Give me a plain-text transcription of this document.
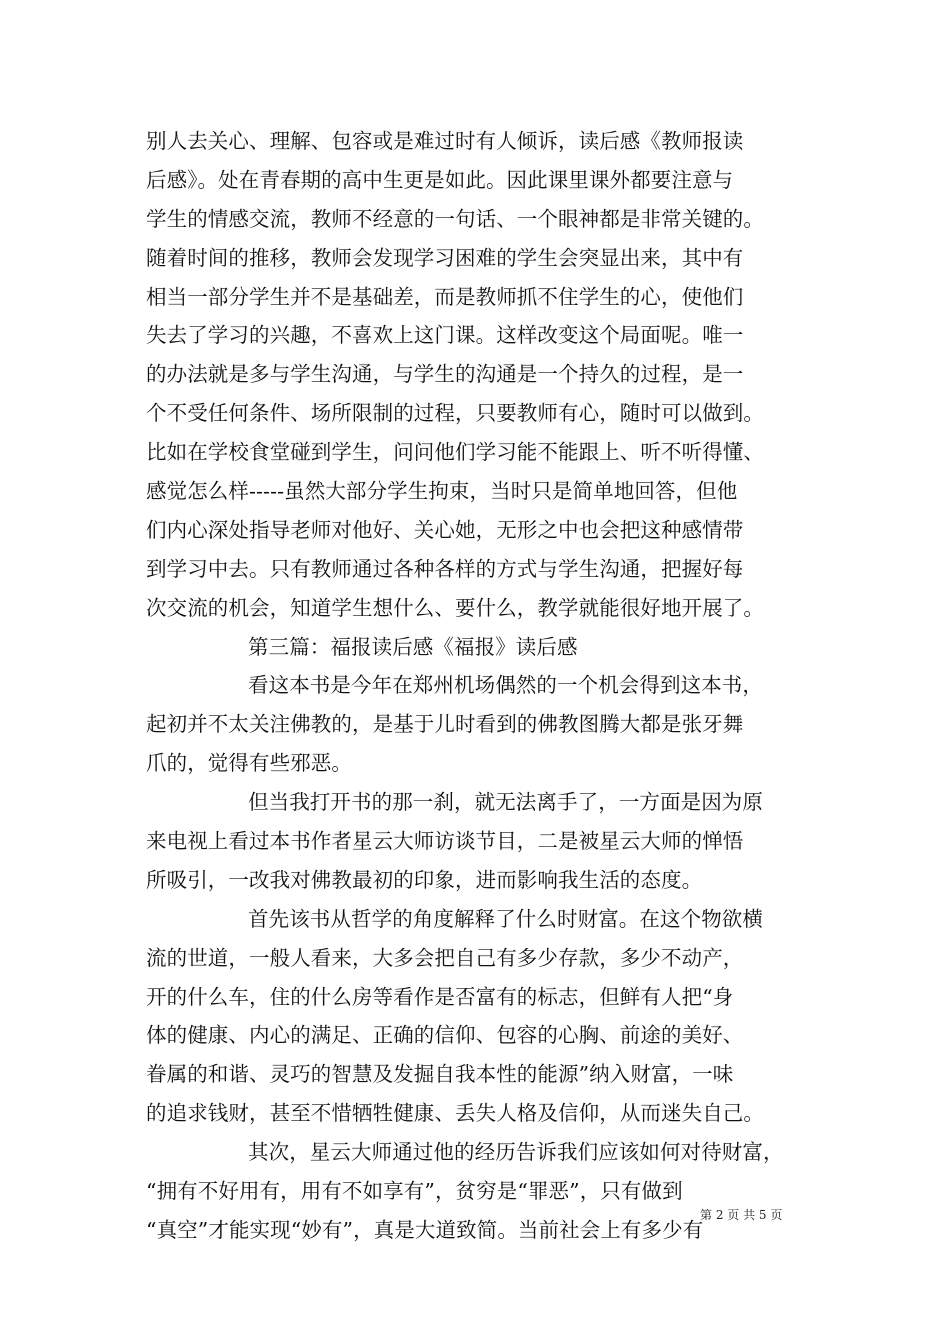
别人去关心、理解、包容或是难过时有人倾诉，读后感《教师报读
后感》。处在青春期的高中生更是如此。因此课里课外都要注意与
学生的情感交流，教师不经意的一句话、一个眼神都是非常关键的。
随着时间的推移，教师会发现学习困难的学生会突显出来，其中有
相当一部分学生并不是基础差，而是教师抓不住学生的心，使他们
失去了学习的兴趣，不喜欢上这门课。这样改变这个局面呢。唯一
的办法就是多与学生沟通，与学生的沟通是一个持久的过程，是一
个不受任何条件、场所限制的过程，只要教师有心，随时可以做到。
比如在学校食堂碰到学生，问问他们学习能不能跟上、听不听得懂、
感觉怎么样-----虽然大部分学生拘束，当时只是简单地回答，但他
们内心深处指导老师对他好、关心她，无形之中也会把这种感情带
到学习中去。只有教师通过各种各样的方式与学生沟通，把握好每
次交流的机会，知道学生想什么、要什么，教学就能很好地开展了。
第三篇：福报读后感《福报》读后感
看这本书是今年在郑州机场偶然的一个机会得到这本书，
起初并不太关注佛教的，是基于儿时看到的佛教图腾大都是张牙舞
爪的，觉得有些邪恶。
但当我打开书的那一刹，就无法离手了，一方面是因为原
来电视上看过本书作者星云大师访谈节目，二是被星云大师的惮悟
所吸引，一改我对佛教最初的印象，进而影响我生活的态度。
首先该书从哲学的角度解释了什么时财富。在这个物欲横
流的世道，一般人看来，大多会把自己有多少存款，多少不动产，
开的什么车，住的什么房等看作是否富有的标志，但鲜有人把“身
体的健康、内心的满足、正确的信仰、包容的心胸、前途的美好、
眷属的和谐、灵巧的智慧及发掘自我本性的能源”纳入财富，一味
的追求钱财，甚至不惜牺牲健康、丢失人格及信仰，从而迷失自己。
其次，星云大师通过他的经历告诉我们应该如何对待财富，
“拥有不好用有，用有不如享有”，贫穷是“罪恶”，只有做到
“真空”才能实现“妙有”，真是大道致简。当前社会上有多少有
第 2 页 共 5 页
